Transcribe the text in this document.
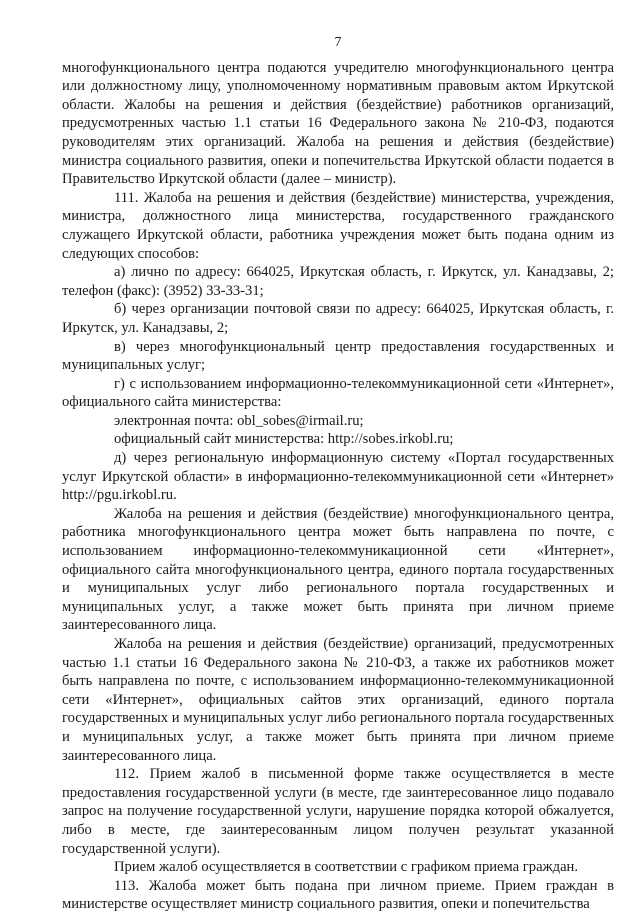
7

многофункционального центра подаются учредителю многофункционального центра или должностному лицу, уполномоченному нормативным правовым актом Иркутской области. Жалобы на решения и действия (бездействие) работников организаций, предусмотренных частью 1.1 статьи 16 Федерального закона № 210-ФЗ, подаются руководителям этих организаций. Жалоба на решения и действия (бездействие) министра социального развития, опеки и попечительства Иркутской области подается в Правительство Иркутской области (далее – министр).

111. Жалоба на решения и действия (бездействие) министерства, учреждения, министра, должностного лица министерства, государственного гражданского служащего Иркутской области, работника учреждения может быть подана одним из следующих способов:

а) лично по адресу: 664025, Иркутская область, г. Иркутск, ул. Канадзавы, 2; телефон (факс): (3952) 33-33-31;

б) через организации почтовой связи по адресу: 664025, Иркутская область, г. Иркутск, ул. Канадзавы, 2;

в) через многофункциональный центр предоставления государственных и муниципальных услуг;

г) с использованием информационно-телекоммуникационной сети «Интернет», официального сайта министерства:

электронная почта: obl_sobes@irmail.ru;

официальный сайт министерства: http://sobes.irkobl.ru;

д) через региональную информационную систему «Портал государственных услуг Иркутской области» в информационно-телекоммуникационной сети «Интернет» http://pgu.irkobl.ru.

Жалоба на решения и действия (бездействие) многофункционального центра, работника многофункционального центра может быть направлена по почте, с использованием информационно-телекоммуникационной сети «Интернет», официального сайта многофункционального центра, единого портала государственных и муниципальных услуг либо регионального портала государственных и муниципальных услуг, а также может быть принята при личном приеме заинтересованного лица.

Жалоба на решения и действия (бездействие) организаций, предусмотренных частью 1.1 статьи 16 Федерального закона № 210-ФЗ, а также их работников может быть направлена по почте, с использованием информационно-телекоммуникационной сети «Интернет», официальных сайтов этих организаций, единого портала государственных и муниципальных услуг либо регионального портала государственных и муниципальных услуг, а также может быть принята при личном приеме заинтересованного лица.

112. Прием жалоб в письменной форме также осуществляется в месте предоставления государственной услуги (в месте, где заинтересованное лицо подавало запрос на получение государственной услуги, нарушение порядка которой обжалуется, либо в месте, где заинтересованным лицом получен результат указанной государственной услуги).

Прием жалоб осуществляется в соответствии с графиком приема граждан.

113. Жалоба может быть подана при личном приеме. Прием граждан в министерстве осуществляет министр социального развития, опеки и попечительства
